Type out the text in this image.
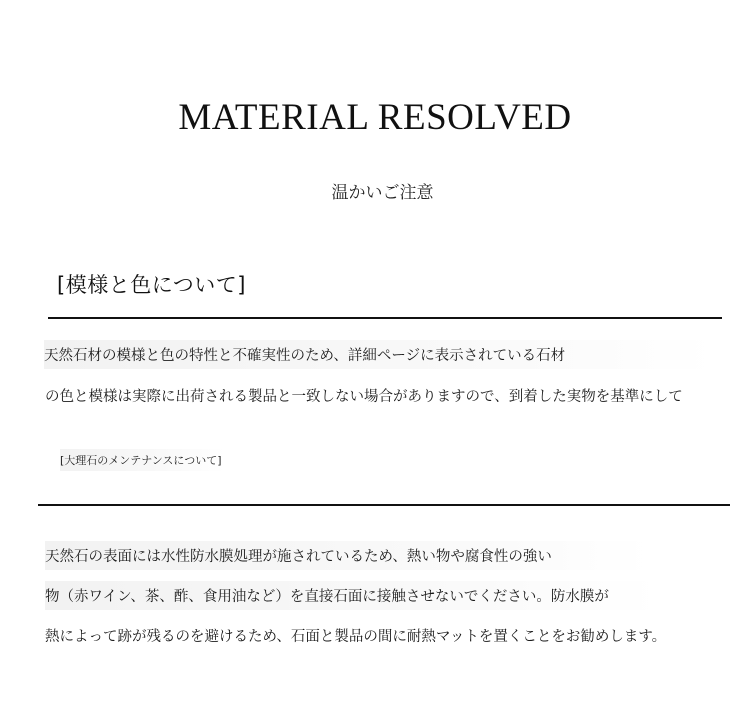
MATERIAL RESOLVED
温かいご注意
[模様と色について]
天然石材の模様と色の特性と不確実性のため、詳細ページに表示されている石材
の色と模様は実際に出荷される製品と一致しない場合がありますので、到着した実物を基準にして
[大理石のメンテナンスについて]
天然石の表面には水性防水膜処理が施されているため、熱い物や腐食性の強い
物（赤ワイン、茶、酢、食用油など）を直接石面に接触させないでください。防水膜が
熱によって跡が残るのを避けるため、石面と製品の間に耐熱マットを置くことをお勧めします。
